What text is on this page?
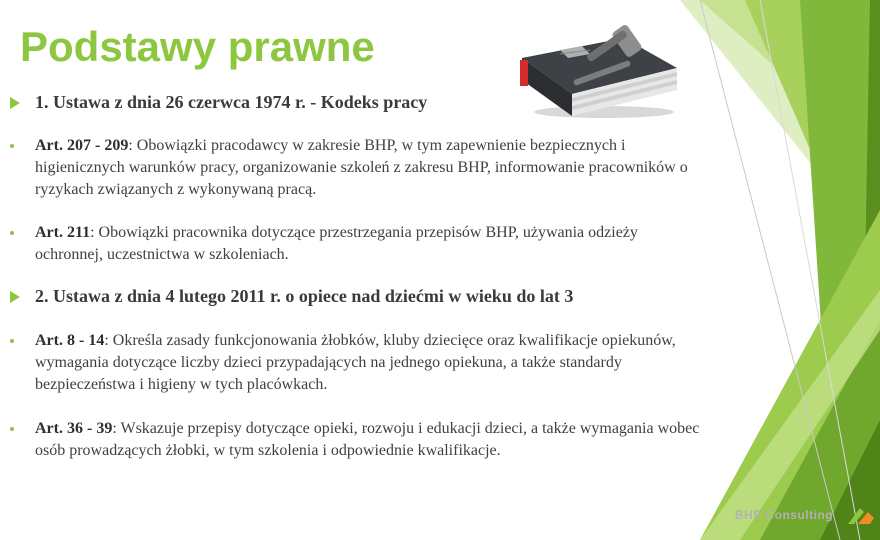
Podstawy prawne
1. Ustawa z dnia 26 czerwca 1974 r. - Kodeks pracy
Art. 207 - 209: Obowiązki pracodawcy w zakresie BHP, w tym zapewnienie bezpiecznych i higienicznych warunków pracy, organizowanie szkoleń z zakresu BHP, informowanie pracowników o ryzykach związanych z wykonywaną pracą.
Art. 211: Obowiązki pracownika dotyczące przestrzegania przepisów BHP, używania odzieży ochronnej, uczestnictwa w szkoleniach.
2. Ustawa z dnia 4 lutego 2011 r. o opiece nad dziećmi w wieku do lat 3
Art. 8 - 14: Określa zasady funkcjonowania żłobków, kluby dziecięce oraz kwalifikacje opiekunów, wymagania dotyczące liczby dzieci przypadających na jednego opiekuna, a także standardy bezpieczeństwa i higieny w tych placówkach.
Art. 36 - 39: Wskazuje przepisy dotyczące opieki, rozwoju i edukacji dzieci, a także wymagania wobec osób prowadzących żłobki, w tym szkolenia i odpowiednie kwalifikacje.
BHP Consulting
